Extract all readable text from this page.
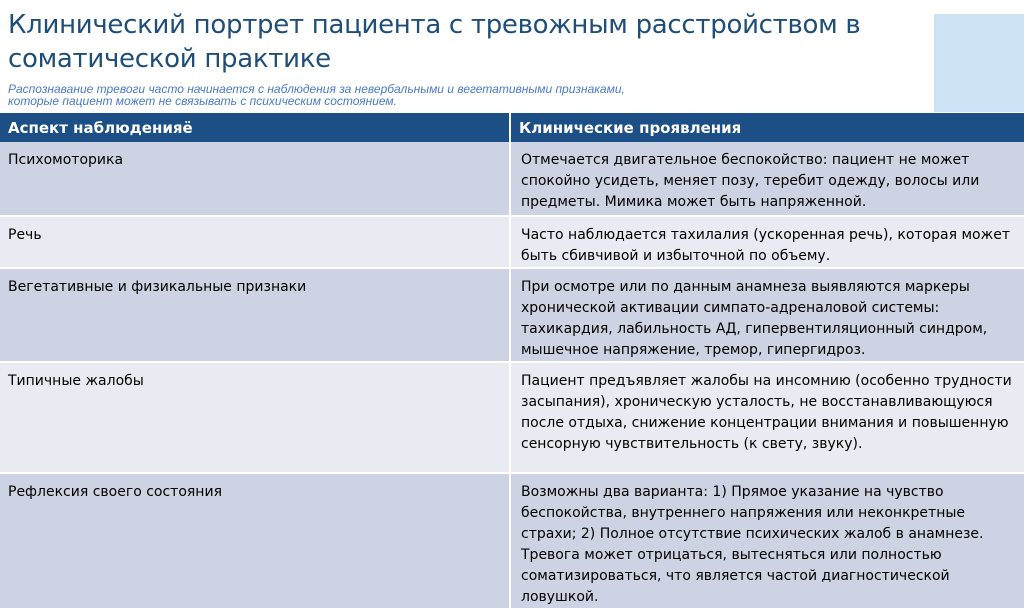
Клинический портрет пациента с тревожным расстройством в соматической практике

Распознавание тревоги часто начинается с наблюдения за невербальными и вегетативными признаками, которые пациент может не связывать с психическим состоянием.

Аспект наблюденияё	Клинические проявления
Психомоторика	Отмечается двигательное беспокойство: пациент не может спокойно усидеть, меняет позу, теребит одежду, волосы или предметы. Мимика может быть напряженной.
Речь	Часто наблюдается тахилалия (ускоренная речь), которая может быть сбивчивой и избыточной по объему.
Вегетативные и физикальные признаки	При осмотре или по данным анамнеза выявляются маркеры хронической активации симпато-адреналовой системы: тахикардия, лабильность АД, гипервентиляционный синдром, мышечное напряжение, тремор, гипергидроз.
Типичные жалобы	Пациент предъявляет жалобы на инсомнию (особенно трудности засыпания), хроническую усталость, не восстанавливающуюся после отдыха, снижение концентрации внимания и повышенную сенсорную чувствительность (к свету, звуку).
Рефлексия своего состояния	Возможны два варианта: 1) Прямое указание на чувство беспокойства, внутреннего напряжения или неконкретные страхи; 2) Полное отсутствие психических жалоб в анамнезе. Тревога может отрицаться, вытесняться или полностью соматизироваться, что является частой диагностической ловушкой.
